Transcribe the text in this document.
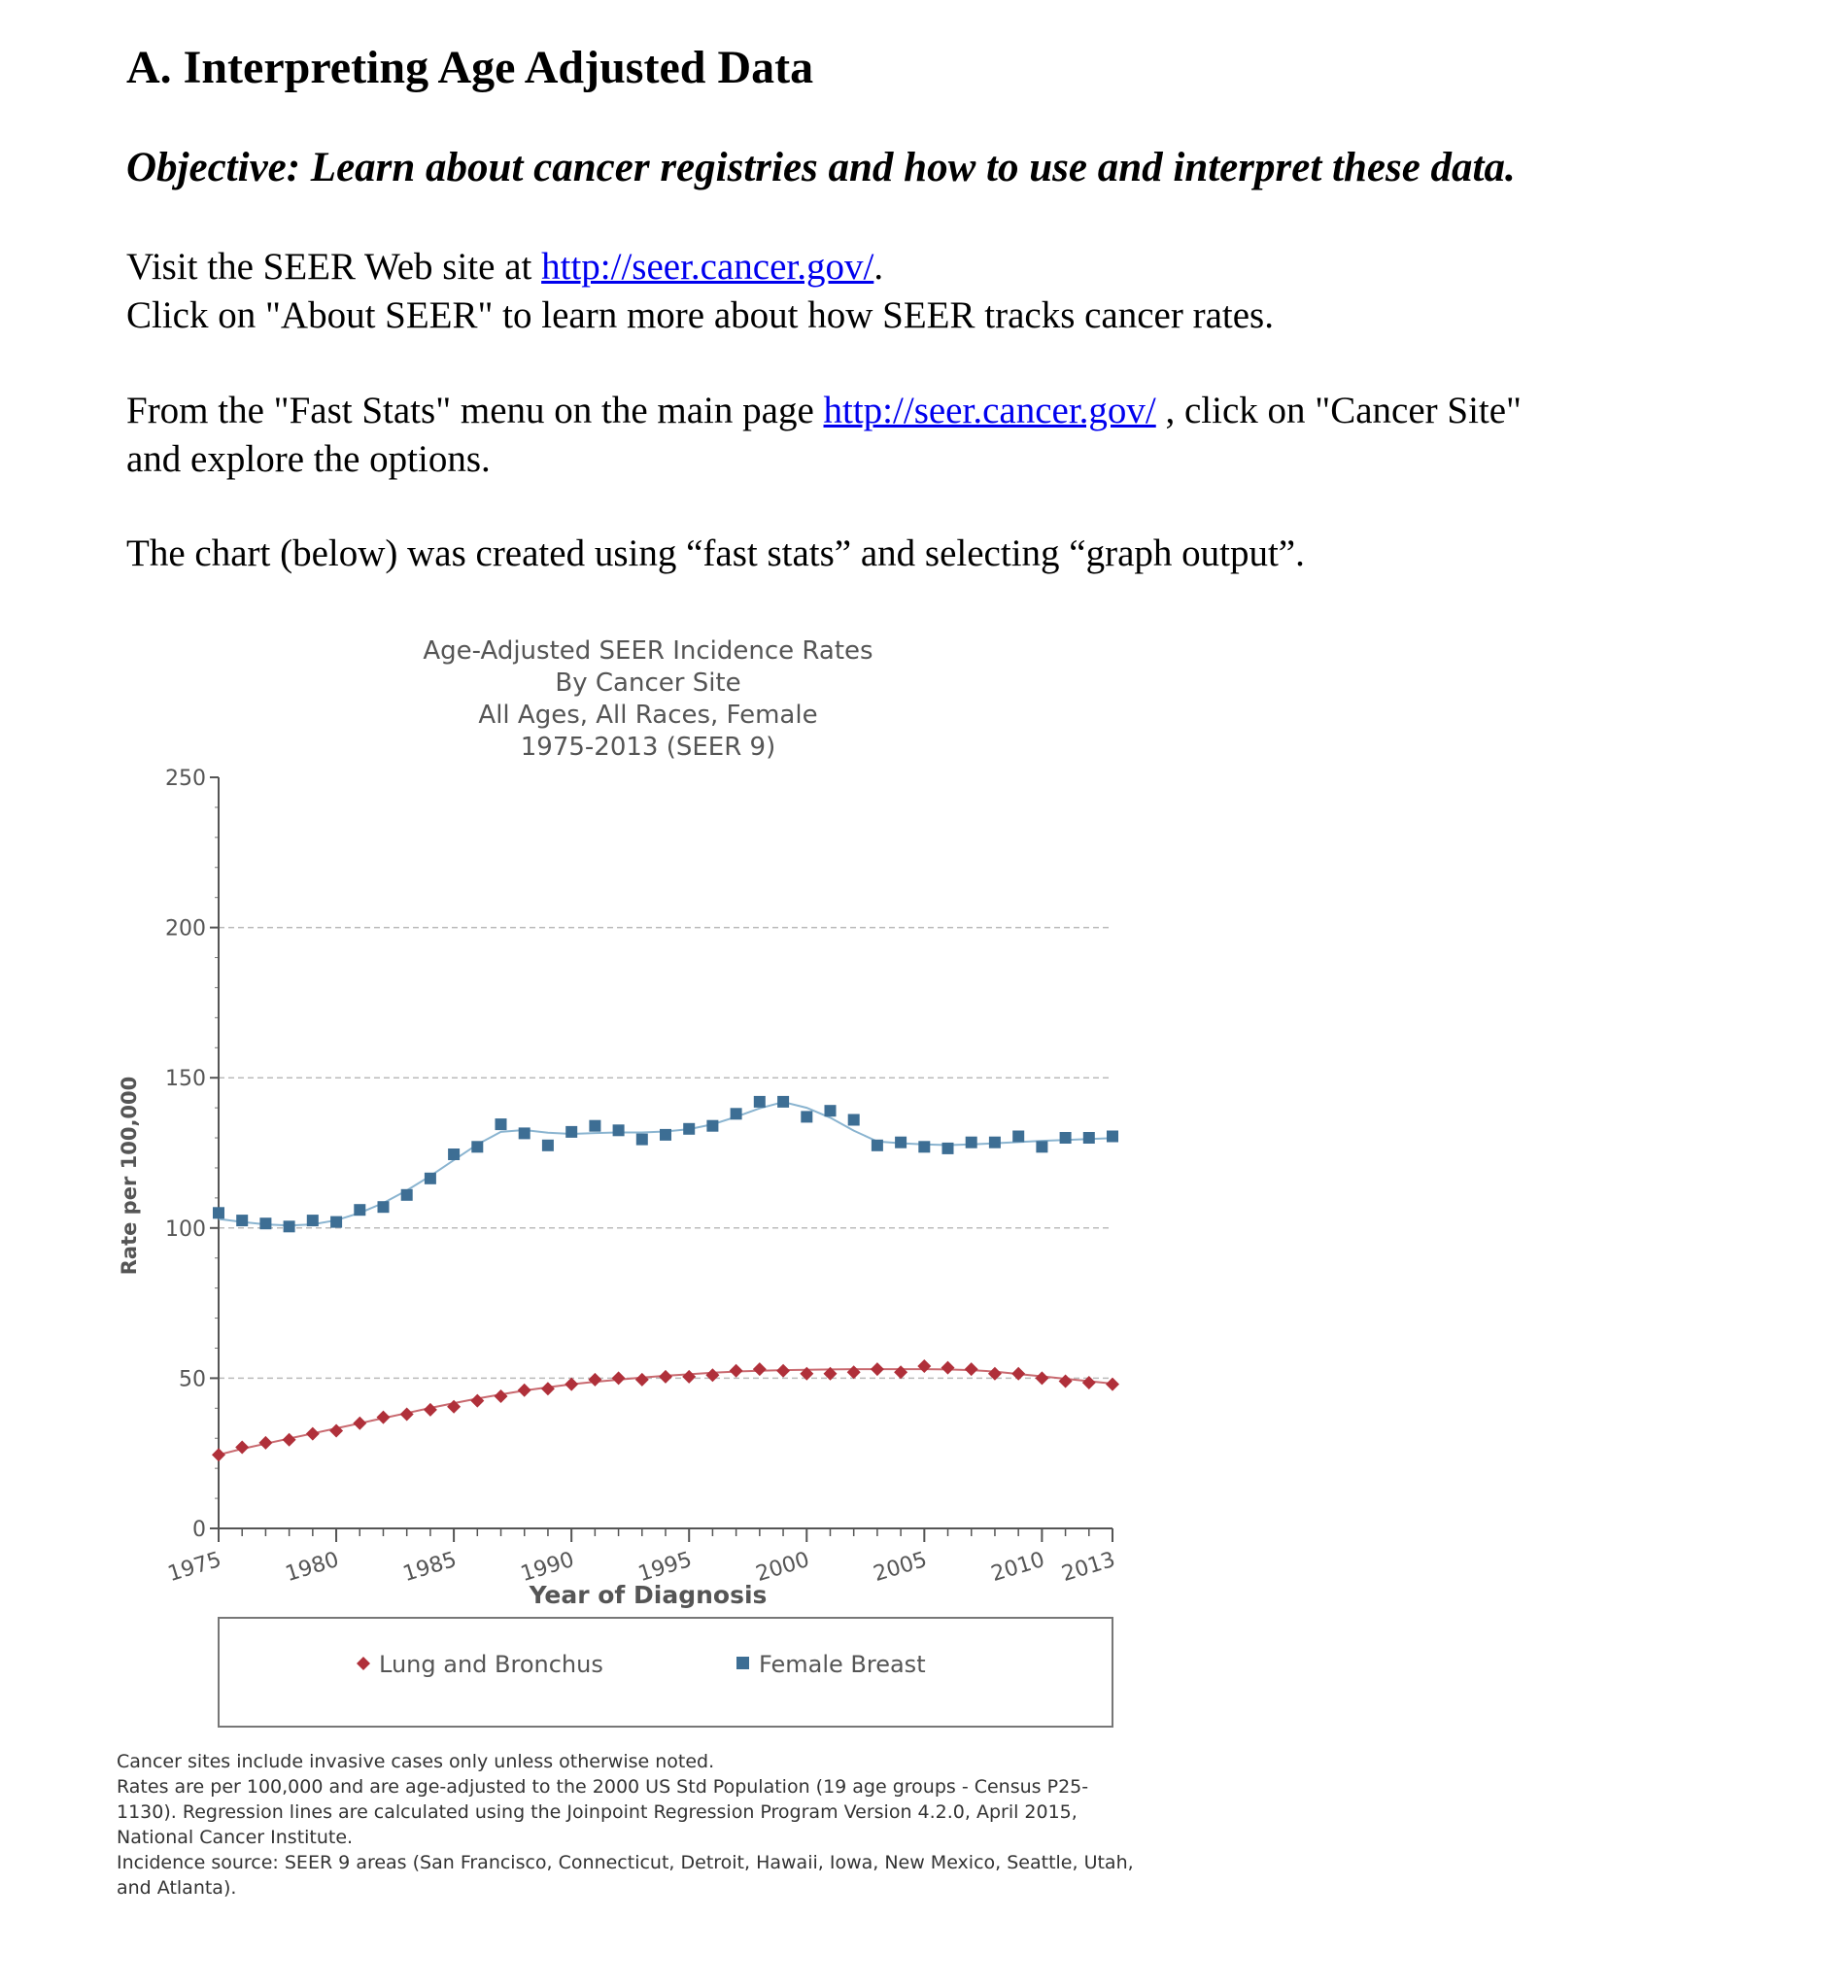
A. Interpreting Age Adjusted Data
Objective: Learn about cancer registries and how to use and interpret these data.
Visit the SEER Web site at http://seer.cancer.gov/.
Click on "About SEER" to learn more about how SEER tracks cancer rates.
From the "Fast Stats" menu on the main page http://seer.cancer.gov/ , click on "Cancer Site"
and explore the options.
The chart (below) was created using “fast stats” and selecting “graph output”.
Age-Adjusted SEER Incidence Rates
By Cancer Site
All Ages, All Races, Female
1975-2013 (SEER 9)
0
50
100
150
200
250
1975	1980	1985	1990	1995	2000	2005	2010 2013
Rate per 100,000
Year of Diagnosis
Lung and Bronchus	Female Breast
Cancer sites include invasive cases only unless otherwise noted.
Rates are per 100,000 and are age-adjusted to the 2000 US Std Population (19 age groups - Census P25-
1130). Regression lines are calculated using the Joinpoint Regression Program Version 4.2.0, April 2015,
National Cancer Institute.
Incidence source: SEER 9 areas (San Francisco, Connecticut, Detroit, Hawaii, Iowa, New Mexico, Seattle, Utah,
and Atlanta).
